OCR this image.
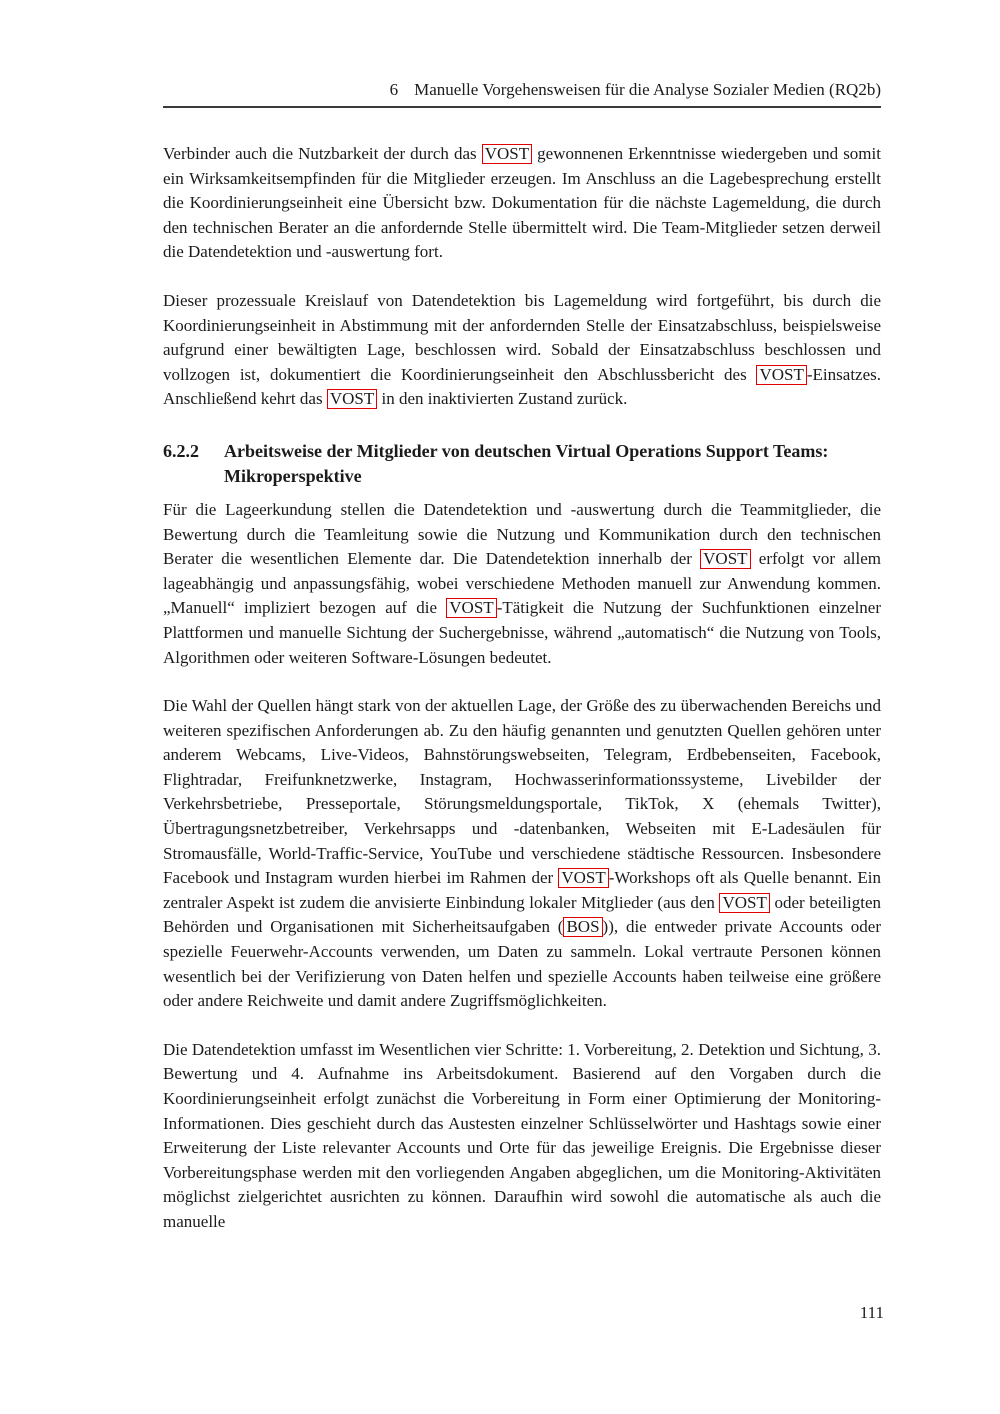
6 Manuelle Vorgehensweisen für die Analyse Sozialer Medien (RQ2b)

Verbinder auch die Nutzbarkeit der durch das VOST gewonnenen Erkenntnisse wiedergeben und somit ein Wirksamkeitsempfinden für die Mitglieder erzeugen. Im Anschluss an die Lagebesprechung erstellt die Koordinierungseinheit eine Übersicht bzw. Dokumentation für die nächste Lagemeldung, die durch den technischen Berater an die anfordernde Stelle übermittelt wird. Die Team-Mitglieder setzen derweil die Datendetektion und -auswertung fort.

Dieser prozessuale Kreislauf von Datendetektion bis Lagemeldung wird fortgeführt, bis durch die Koordinierungseinheit in Abstimmung mit der anfordernden Stelle der Einsatzabschluss, beispielsweise aufgrund einer bewältigten Lage, beschlossen wird. Sobald der Einsatzabschluss beschlossen und vollzogen ist, dokumentiert die Koordinierungseinheit den Abschlussbericht des VOST -Einsatzes. Anschließend kehrt das VOST in den inaktivierten Zustand zurück.

6.2.2	Arbeitsweise der Mitglieder von deutschen Virtual Operations Support Teams: Mikroperspektive

Für die Lageerkundung stellen die Datendetektion und -auswertung durch die Teammitglieder, die Bewertung durch die Teamleitung sowie die Nutzung und Kommunikation durch den technischen Berater die wesentlichen Elemente dar. Die Datendetektion innerhalb der VOST erfolgt vor allem lageabhängig und anpassungsfähig, wobei verschiedene Methoden manuell zur Anwendung kommen. „Manuell“ impliziert bezogen auf die VOST -Tätigkeit die Nutzung der Suchfunktionen einzelner Plattformen und manuelle Sichtung der Suchergebnisse, während „automatisch“ die Nutzung von Tools, Algorithmen oder weiteren Software-Lösungen bedeutet.

Die Wahl der Quellen hängt stark von der aktuellen Lage, der Größe des zu überwachenden Bereichs und weiteren spezifischen Anforderungen ab. Zu den häufig genannten und genutzten Quellen gehören unter anderem Webcams, Live-Videos, Bahnstörungswebseiten, Telegram, Erdbebenseiten, Facebook, Flightradar, Freifunknetzwerke, Instagram, Hochwasserinformationssysteme, Livebilder der Verkehrsbetriebe, Presseportale, Störungsmeldungsportale, TikTok, X (ehemals Twitter), Übertragungsnetzbetreiber, Verkehrsapps und -datenbanken, Webseiten mit E-Ladesäulen für Stromausfälle, World-Traffic-Service, YouTube und verschiedene städtische Ressourcen. Insbesondere Facebook und Instagram wurden hierbei im Rahmen der VOST -Workshops oft als Quelle benannt. Ein zentraler Aspekt ist zudem die anvisierte Einbindung lokaler Mitglieder (aus den VOST oder beteiligten Behörden und Organisationen mit Sicherheitsaufgaben ( BOS )), die entweder private Accounts oder spezielle Feuerwehr-Accounts verwenden, um Daten zu sammeln. Lokal vertraute Personen können wesentlich bei der Verifizierung von Daten helfen und spezielle Accounts haben teilweise eine größere oder andere Reichweite und damit andere Zugriffsmöglichkeiten.

Die Datendetektion umfasst im Wesentlichen vier Schritte: 1. Vorbereitung, 2. Detektion und Sichtung, 3. Bewertung und 4. Aufnahme ins Arbeitsdokument. Basierend auf den Vorgaben durch die Koordinierungseinheit erfolgt zunächst die Vorbereitung in Form einer Optimierung der Monitoring-Informationen. Dies geschieht durch das Austesten einzelner Schlüsselwörter und Hashtags sowie einer Erweiterung der Liste relevanter Accounts und Orte für das jeweilige Ereignis. Die Ergebnisse dieser Vorbereitungsphase werden mit den vorliegenden Angaben abgeglichen, um die Monitoring-Aktivitäten möglichst zielgerichtet ausrichten zu können. Daraufhin wird sowohl die automatische als auch die manuelle

111
